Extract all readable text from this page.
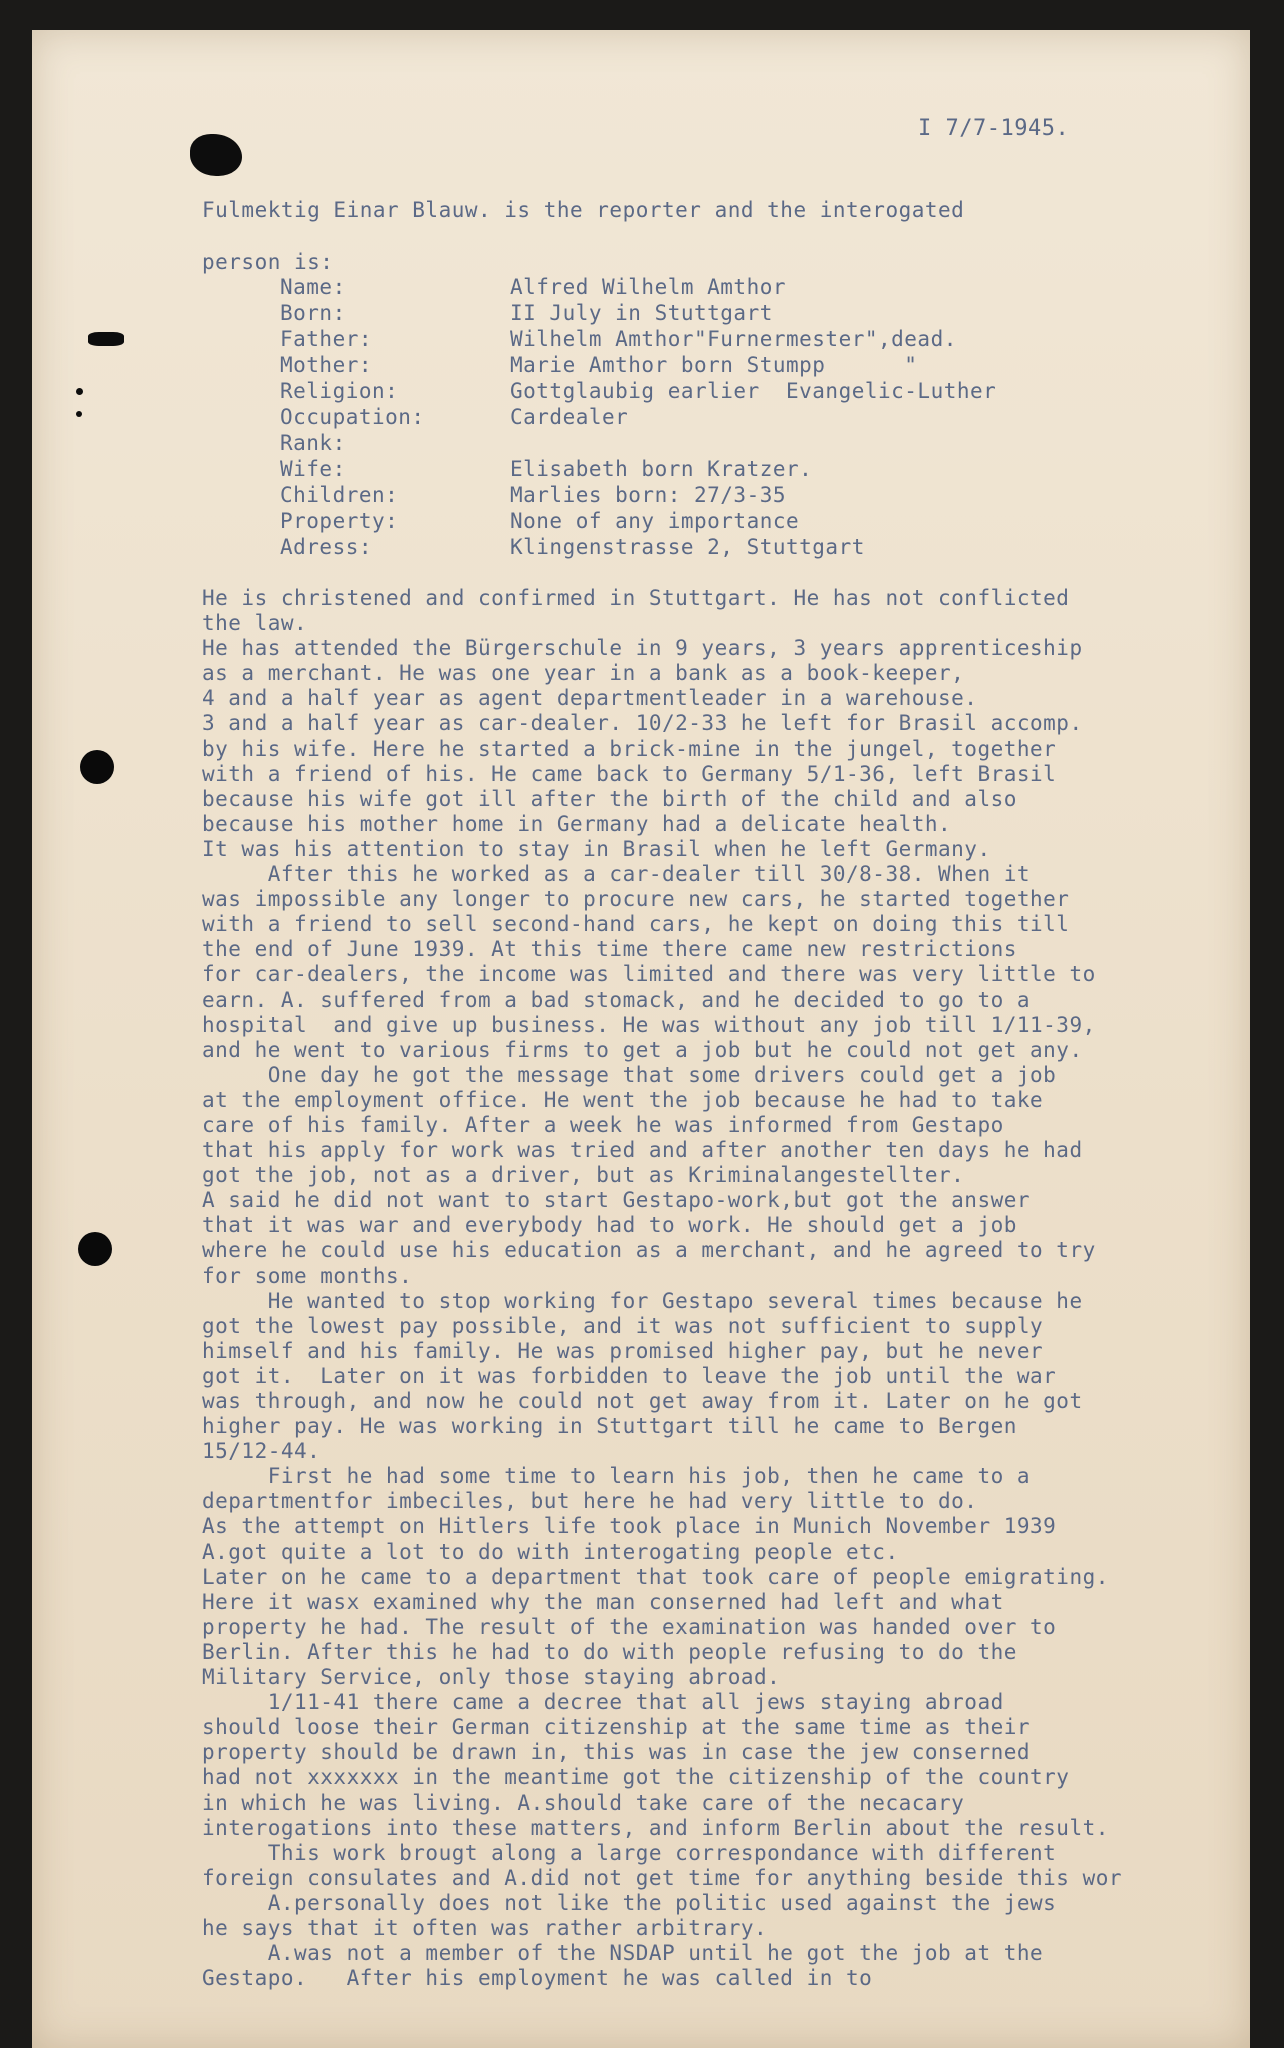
I 7/7-1945.
Fulmektig Einar Blauw. is the reporter and the interogated
person is:
Name:	Alfred Wilhelm Amthor
Born:	II July in Stuttgart
Father:	Wilhelm Amthor"Furnermester",dead.
Mother:	Marie Amthor born Stumpp      "
Religion:	Gottglaubig earlier  Evangelic-Luther
Occupation:	Cardealer
Rank:
Wife:	Elisabeth born Kratzer.
Children:	Marlies born: 27/3-35
Property:	None of any importance
Adress:	Klingenstrasse 2, Stuttgart
He is christened and confirmed in Stuttgart. He has not conflicted
the law.
He has attended the Bürgerschule in 9 years, 3 years apprenticeship
as a merchant. He was one year in a bank as a book-keeper,
4 and a half year as agent departmentleader in a warehouse.
3 and a half year as car-dealer. 10/2-33 he left for Brasil accomp.
by his wife. Here he started a brick-mine in the jungel, together
with a friend of his. He came back to Germany 5/1-36, left Brasil
because his wife got ill after the birth of the child and also
because his mother home in Germany had a delicate health.
It was his attention to stay in Brasil when he left Germany.
After this he worked as a car-dealer till 30/8-38. When it
was impossible any longer to procure new cars, he started together
with a friend to sell second-hand cars, he kept on doing this till
the end of June 1939. At this time there came new restrictions
for car-dealers, the income was limited and there was very little to
earn. A. suffered from a bad stomack, and he decided to go to a
hospital  and give up business. He was without any job till 1/11-39,
and he went to various firms to get a job but he could not get any.
One day he got the message that some drivers could get a job
at the employment office. He went the job because he had to take
care of his family. After a week he was informed from Gestapo
that his apply for work was tried and after another ten days he had
got the job, not as a driver, but as Kriminalangestellter.
A said he did not want to start Gestapo-work,but got the answer
that it was war and everybody had to work. He should get a job
where he could use his education as a merchant, and he agreed to try
for some months.
He wanted to stop working for Gestapo several times because he
got the lowest pay possible, and it was not sufficient to supply
himself and his family. He was promised higher pay, but he never
got it.  Later on it was forbidden to leave the job until the war
was through, and now he could not get away from it. Later on he got
higher pay. He was working in Stuttgart till he came to Bergen
15/12-44.
First he had some time to learn his job, then he came to a
departmentfor imbeciles, but here he had very little to do.
As the attempt on Hitlers life took place in Munich November 1939
A.got quite a lot to do with interogating people etc.
Later on he came to a department that took care of people emigrating.
Here it wasx examined why the man conserned had left and what
property he had. The result of the examination was handed over to
Berlin. After this he had to do with people refusing to do the
Military Service, only those staying abroad.
1/11-41 there came a decree that all jews staying abroad
should loose their German citizenship at the same time as their
property should be drawn in, this was in case the jew conserned
had not xxxxxxx in the meantime got the citizenship of the country
in which he was living. A.should take care of the necacary
interogations into these matters, and inform Berlin about the result.
This work brougt along a large correspondance with different
foreign consulates and A.did not get time for anything beside this wor
A.personally does not like the politic used against the jews
he says that it often was rather arbitrary.
A.was not a member of the NSDAP until he got the job at the
Gestapo.   After his employment he was called in to
